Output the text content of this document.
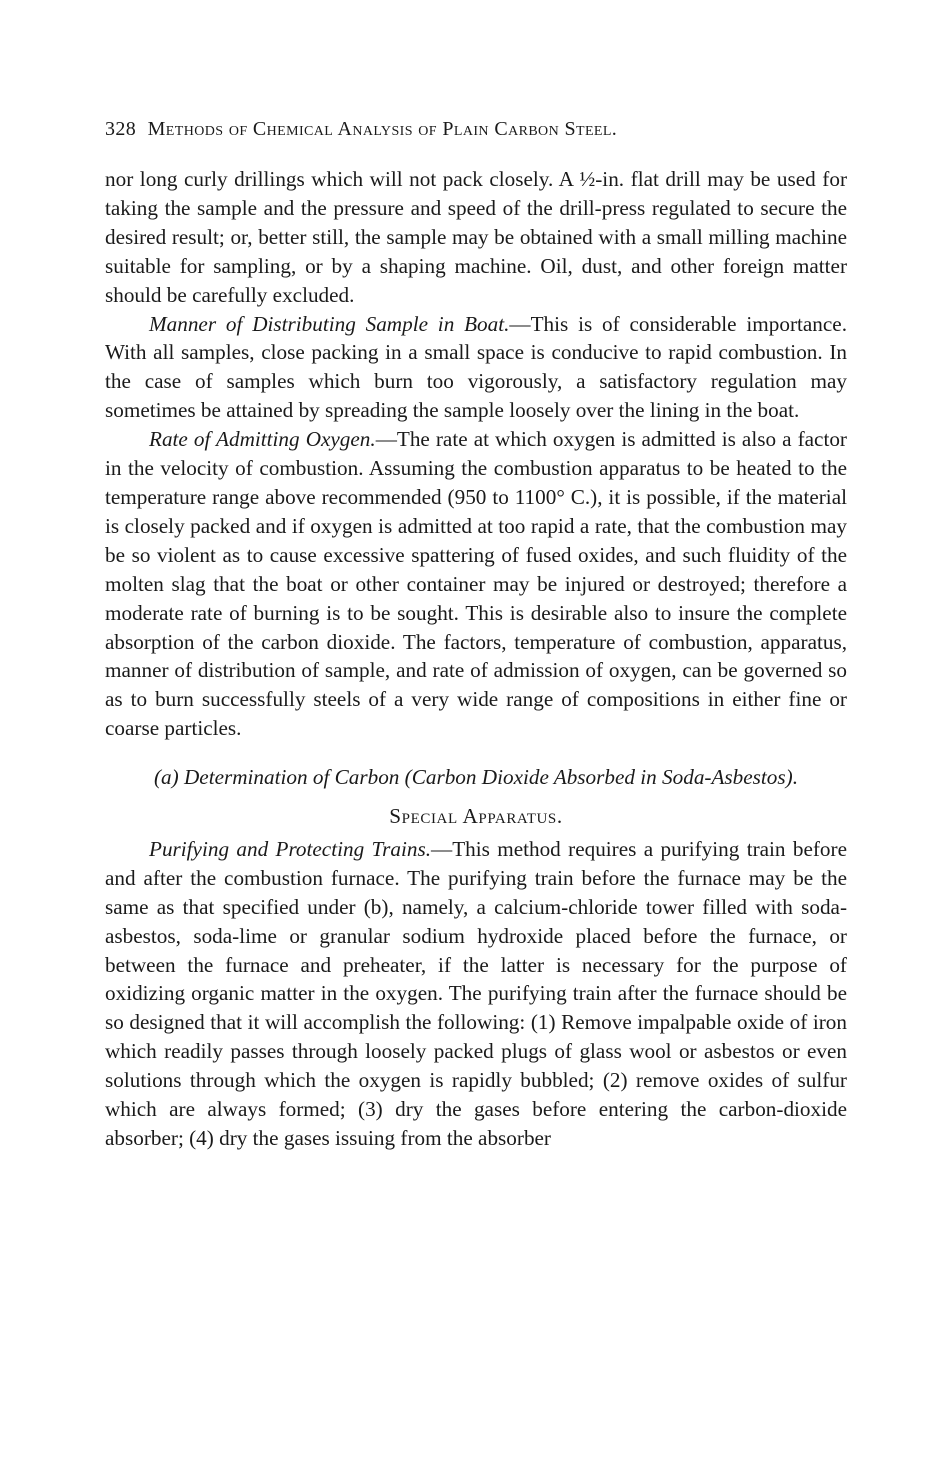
328 Methods of Chemical Analysis of Plain Carbon Steel.

nor long curly drillings which will not pack closely. A ½-in. flat drill may be used for taking the sample and the pressure and speed of the drill-press regulated to secure the desired result; or, better still, the sample may be obtained with a small milling machine suitable for sampling, or by a shaping machine. Oil, dust, and other foreign matter should be carefully excluded.

Manner of Distributing Sample in Boat.—This is of considerable importance. With all samples, close packing in a small space is conducive to rapid combustion. In the case of samples which burn too vigorously, a satisfactory regulation may sometimes be attained by spreading the sample loosely over the lining in the boat.

Rate of Admitting Oxygen.—The rate at which oxygen is admitted is also a factor in the velocity of combustion. Assuming the combustion apparatus to be heated to the temperature range above recommended (950 to 1100° C.), it is possible, if the material is closely packed and if oxygen is admitted at too rapid a rate, that the combustion may be so violent as to cause excessive spattering of fused oxides, and such fluidity of the molten slag that the boat or other container may be injured or destroyed; therefore a moderate rate of burning is to be sought. This is desirable also to insure the complete absorption of the carbon dioxide. The factors, temperature of combustion, apparatus, manner of distribution of sample, and rate of admission of oxygen, can be governed so as to burn successfully steels of a very wide range of compositions in either fine or coarse particles.

(a) Determination of Carbon (Carbon Dioxide Absorbed in Soda-Asbestos).
Special Apparatus.

Purifying and Protecting Trains.—This method requires a purifying train before and after the combustion furnace. The purifying train before the furnace may be the same as that specified under (b), namely, a calcium-chloride tower filled with soda-asbestos, soda-lime or granular sodium hydroxide placed before the furnace, or between the furnace and preheater, if the latter is necessary for the purpose of oxidizing organic matter in the oxygen. The purifying train after the furnace should be so designed that it will accomplish the following: (1) Remove impalpable oxide of iron which readily passes through loosely packed plugs of glass wool or asbestos or even solutions through which the oxygen is rapidly bubbled; (2) remove oxides of sulfur which are always formed; (3) dry the gases before entering the carbon-dioxide absorber; (4) dry the gases issuing from the absorber
